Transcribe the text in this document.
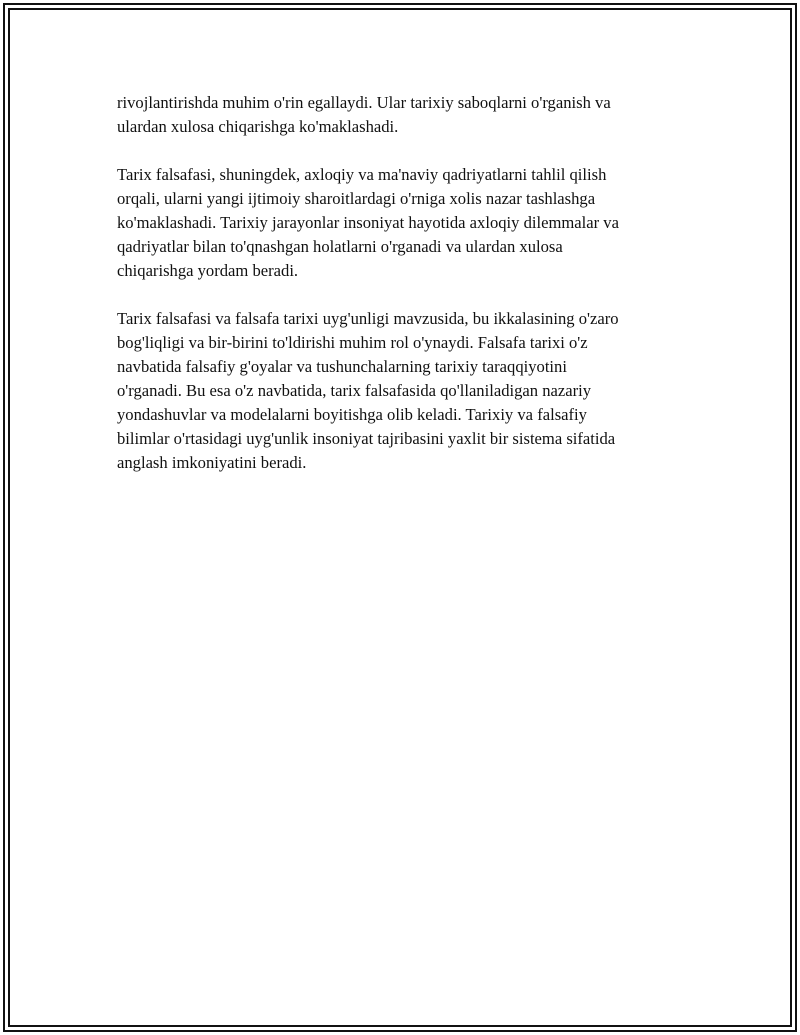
rivojlantirishda muhim o'rin egallaydi. Ular tarixiy saboqlarni o'rganish va
ulardan xulosa chiqarishga ko'maklashadi.

Tarix falsafasi, shuningdek, axloqiy va ma'naviy qadriyatlarni tahlil qilish
orqali, ularni yangi ijtimoiy sharoitlardagi o'rniga xolis nazar tashlashga
ko'maklashadi. Tarixiy jarayonlar insoniyat hayotida axloqiy dilemmalar va
qadriyatlar bilan to'qnashgan holatlarni o'rganadi va ulardan xulosa
chiqarishga yordam beradi.

Tarix falsafasi va falsafa tarixi uyg'unligi mavzusida, bu ikkalasining o'zaro
bog'liqligi va bir-birini to'ldirishi muhim rol o'ynaydi. Falsafa tarixi o'z
navbatida falsafiy g'oyalar va tushunchalarning tarixiy taraqqiyotini
o'rganadi. Bu esa o'z navbatida, tarix falsafasida qo'llaniladigan nazariy
yondashuvlar va modelalarni boyitishga olib keladi. Tarixiy va falsafiy
bilimlar o'rtasidagi uyg'unlik insoniyat tajribasini yaxlit bir sistema sifatida
anglash imkoniyatini beradi.
